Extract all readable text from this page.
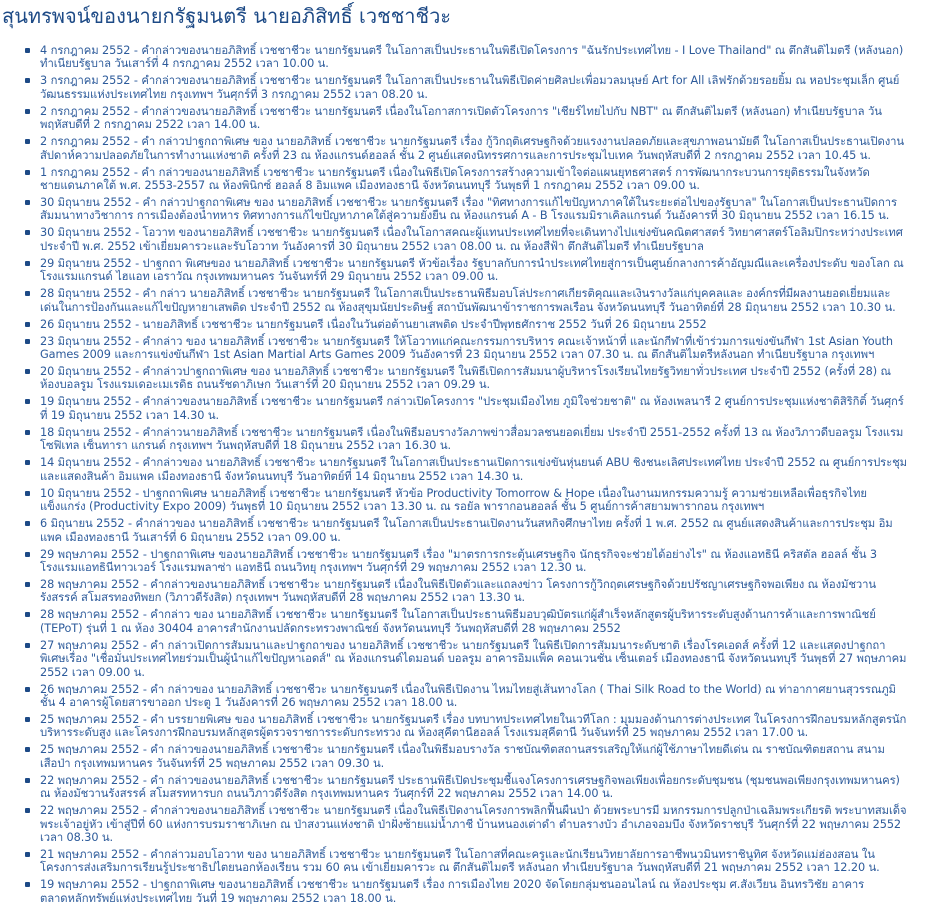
สุนทรพจน์ของนายกรัฐมนตรี นายอภิสิทธิ์ เวชชาชีวะ
4 กรกฎาคม 2552 - คำกล่าวของนายอภิสิทธิ์ เวชชาชีวะ นายกรัฐมนตรี ในโอกาสเป็นประธานในพิธีเปิดโครงการ "ฉันรักประเทศไทย - I Love Thailand" ณ ตึกสันติไมตรี (หลังนอก) ทำเนียบรัฐบาล วันเสาร์ที่ 4 กรกฎาคม 2552 เวลา 10.00 น.
3 กรกฎาคม 2552 - คำกล่าวของนายอภิสิทธิ์ เวชชาชีวะ นายกรัฐมนตรี ในโอกาสเป็นประธานในพิธีเปิดค่ายศิลปะเพื่อมวลมนุษย์ Art for All เลิฟรักด้วยรอยยิ้ม ณ หอประชุมเล็ก ศูนย์วัฒนธรรมแห่งประเทศไทย กรุงเทพฯ วันศุกร์ที่ 3 กรกฎาคม 2552 เวลา 08.20 น.
2 กรกฎาคม 2552 - คำกล่าวของนายอภิสิทธิ์ เวชชาชีวะ นายกรัฐมนตรี เนื่องในโอกาสการเปิดตัวโครงการ "เชียร์ไทยไปกับ NBT" ณ ตึกสันติไมตรี (หลังนอก) ทำเนียบรัฐบาล วันพฤหัสบดีที่ 2 กรกฎาคม 2522 เวลา 14.00 น.
2 กรกฎาคม 2552 - คำ กล่าวปาฐกถาพิเศษ ของ นายอภิสิทธิ์ เวชชาชีวะ นายกรัฐมนตรี เรื่อง กู้วิกฤติเศรษฐกิจด้วยแรงงานปลอดภัยและสุขภาพอนามัยดี ในโอกาสเป็นประธานเปิดงานสัปดาห์ความปลอดภัยในการทำงานแห่งชาติ ครั้งที่ 23 ณ ห้องแกรนด์ฮอลล์ ชั้น 2 ศูนย์แสดงนิทรรศการและการประชุมไบเทค วันพฤหัสบดีที่ 2 กรกฎาคม 2552 เวลา 10.45 น.
1 กรกฎาคม 2552 - คำ กล่าวของนายอภิสิทธิ์ เวชชาชีวะ นายกรัฐมนตรี เนื่องในพิธีเปิดโครงการสร้างความเข้าใจต่อแผนยุทธศาสตร์ การพัฒนากระบวนการยุติธรรมในจังหวัดชายแดนภาคใต้ พ.ศ. 2553-2557 ณ ห้องพินิกซ์ ฮอลล์ 8 อิมแพค เมืองทองธานี จังหวัดนนทบุรี วันพุธที่ 1 กรกฎาคม 2552 เวลา 09.00 น.
30 มิถุนายน 2552 - คำ กล่าวปาฐกถาพิเศษ ของ นายอภิสิทธิ์ เวชชาชีวะ นายกรัฐมนตรี เรื่อง "ทิศทางการแก้ไขปัญหาภาคใต้ในระยะต่อไปของรัฐบาล" ในโอกาสเป็นประธานปิดการสัมมนาทางวิชาการ การเมืองต้องนำทหาร ทิศทางการแก้ไขปัญหาภาคใต้สู่ความยั่งยืน ณ ห้องแกรนด์ A - B โรงแรมมิราเคิลแกรนด์ วันอังคารที่ 30 มิถุนายน 2552 เวลา 16.15 น.
30 มิถุนายน 2552 - โอวาท ของนายอภิสิทธิ์ เวชชาชีวะ นายกรัฐมนตรี เนื่องในโอกาสคณะผู้แทนประเทศไทยที่จะเดินทางไปแข่งขันคณิตศาสตร์ วิทยาศาสตร์โอลิมปิกระหว่างประเทศ ประจำปี พ.ศ. 2552 เข้าเยี่ยมคารวะและรับโอวาท วันอังคารที่ 30 มิถุนายน 2552 เวลา 08.00 น. ณ ห้องสีฟ้า ตึกสันติไมตรี ทำเนียบรัฐบาล
29 มิถุนายน 2552 - ปาฐกถา พิเศษของ นายอภิสิทธิ์ เวชชาชีวะ นายกรัฐมนตรี หัวข้อเรื่อง รัฐบาลกับการนำประเทศไทยสู่การเป็นศูนย์กลางการค้าอัญมณีและเครื่องประดับ ของโลก ณ โรงแรมแกรนด์ ไฮแอท เอราวัณ กรุงเทพมหานคร วันจันทร์ที่ 29 มิถุนายน 2552 เวลา 09.00 น.
28 มิถุนายน 2552 - คำ กล่าว นายอภิสิทธิ์ เวชชาชีวะ นายกรัฐมนตรี ในโอกาสเป็นประธานพิธีมอบโล่ประกาศเกียรติคุณและเงินรางวัลแก่บุคคลและ องค์กรที่มีผลงานยอดเยี่ยมและเด่นในการป้องกันและแก้ไขปัญหายาเสพติด ประจำปี 2552 ณ ห้องสุขุมนัยประดิษฐ์ สถาบันพัฒนาข้าราชการพลเรือน จังหวัดนนทบุรี วันอาทิตย์ที่ 28 มิถุนายน 2552 เวลา 10.30 น.
26 มิถุนายน 2552 - นายอภิสิทธิ์ เวชชาชีวะ นายกรัฐมนตรี เนื่องในวันต่อต้านยาเสพติด ประจำปีพุทธศักราช 2552 วันที่ 26 มิถุนายน 2552
23 มิถุนายน 2552 - คำกล่าว ของ นายอภิสิทธิ์ เวชชาชีวะ นายกรัฐมนตรี ให้โอวาทแก่คณะกรรมการบริหาร คณะเจ้าหน้าที่ และนักกีฬาที่เข้าร่วมการแข่งขันกีฬา 1st Asian Youth Games 2009 และการแข่งขันกีฬา 1st Asian Martial Arts Games 2009 วันอังคารที่ 23 มิถุนายน 2552 เวลา 07.30 น. ณ ตึกสันติไมตรีหลังนอก ทำเนียบรัฐบาล กรุงเทพฯ
20 มิถุนายน 2552 - คำกล่าวปาฐกถาพิเศษ ของ นายอภิสิทธิ์ เวชชาชีวะ นายกรัฐมนตรี ในพิธีเปิดการสัมมนาผู้บริหารโรงเรียนไทยรัฐวิทยาทั่วประเทศ ประจำปี 2552 (ครั้งที่ 28) ณ ห้องบอลรูม โรงแรมเดอะเมเรดิธ ถนนรัชดาภิเษก วันเสาร์ที่ 20 มิถุนายน 2552 เวลา 09.29 น.
19 มิถุนายน 2552 - คำกล่าวของนายอภิสิทธิ์ เวชชาชีวะ นายกรัฐมนตรี กล่าวเปิดโครงการ "ประชุมเมืองไทย ภูมิใจช่วยชาติ" ณ ห้องเพลนารี 2 ศูนย์การประชุมแห่งชาติสิริกิติ์ วันศุกร์ที่ 19 มิถุนายน 2552 เวลา 14.30 น.
18 มิถุนายน 2552 - คำกล่าวนายอภิสิทธิ์ เวชชาชีวะ นายกรัฐมนตรี เนื่องในพิธีมอบรางวัลภาพข่าวสื่อมวลชนยอดเยี่ยม ประจำปี 2551-2552 ครั้งที่ 13 ณ ห้องวิภาวดีบอลรูม โรงแรมโซฟิเทล เซ็นทารา แกรนด์ กรุงเทพฯ วันพฤหัสบดีที่ 18 มิถุนายน 2552 เวลา 16.30 น.
14 มิถุนายน 2552 - คำกล่าวของ นายอภิสิทธิ์ เวชชาชีวะ นายกรัฐมนตรี ในโอกาสเป็นประธานเปิดการแข่งขันหุ่นยนต์ ABU ชิงชนะเลิศประเทศไทย ประจำปี 2552 ณ ศูนย์การประชุมและแสดงสินค้า อิมแพค เมืองทองธานี จังหวัดนนทบุรี วันอาทิตย์ที่ 14 มิถุนายน 2552 เวลา 14.30 น.
10 มิถุนายน 2552 - ปาฐกถาพิเศษ นายอภิสิทธิ์ เวชชาชีวะ นายกรัฐมนตรี หัวข้อ Productivity Tomorrow & Hope เนื่องในงานมหกรรมความรู้ ความช่วยเหลือเพื่อธุรกิจไทยแข็งแกร่ง (Productivity Expo 2009) วันพุธที่ 10 มิถุนายน 2552 เวลา 13.30 น. ณ รอยัล พารากอนฮอลล์ ชั้น 5 ศูนย์การค้าสยามพารากอน กรุงเทพฯ
6 มิถุนายน 2552 - คำกล่าวของ นายอภิสิทธิ์ เวชชาชีวะ นายกรัฐมนตรี ในโอกาสเป็นประธานเปิดงานวันสหกิจศึกษาไทย ครั้งที่ 1 พ.ศ. 2552 ณ ศูนย์แสดงสินค้าและการประชุม อิมแพค เมืองทองธานี วันเสาร์ที่ 6 มิถุนายน 2552 เวลา 09.00 น.
29 พฤษภาคม 2552 - ปาฐกถาพิเศษ ของนายอภิสิทธิ์ เวชชาชีวะ นายกรัฐมนตรี เรื่อง "มาตรการกระตุ้นเศรษฐกิจ นักธุรกิจจะช่วยได้อย่างไร" ณ ห้องแอทธินี คริสตัล ฮอลล์ ชั้น 3 โรงแรมแอทธินีทาวเวอร์ โรงแรมพลาซ่า แอทธินี ถนนวิทยุ กรุงเทพฯ วันศุกร์ที่ 29 พฤษภาคม 2552 เวลา 12.30 น.
28 พฤษภาคม 2552 - คำกล่าวของนายอภิสิทธิ์ เวชชาชีวะ นายกรัฐมนตรี เนื่องในพิธีเปิดตัวและแถลงข่าว โครงการกู้วิกฤตเศรษฐกิจด้วยปรัชญาเศรษฐกิจพอเพียง ณ ห้องมัชวานรังสรรค์ สโมสรทองทิพยก (วิภาวดีรังสิต) กรุงเทพฯ วันพฤหัสบดีที่ 28 พฤษภาคม 2552 เวลา 13.30 น.
28 พฤษภาคม 2552 - คำกล่าว ของ นายอภิสิทธิ์ เวชชาชีวะ นายกรัฐมนตรี ในโอกาสเป็นประธานพิธีมอบวุฒิบัตรแก่ผู้สำเร็จหลักสูตรผู้บริหารระดับสูงด้านการค้าและการพาณิชย์ (TEPoT) รุ่นที่ 1 ณ ห้อง 30404 อาคารสำนักงานปลัดกระทรวงพาณิชย์ จังหวัดนนทบุรี วันพฤหัสบดีที่ 28 พฤษภาคม 2552
27 พฤษภาคม 2552 - คำ กล่าวเปิดการสัมมนาและปาฐกถาของ นายอภิสิทธิ์ เวชชาชีวะ นายกรัฐมนตรี ในพิธีเปิดการสัมมนาระดับชาติ เรื่องโรคเอดส์ ครั้งที่ 12 และแสดงปาฐกถาพิเศษเรื่อง "เชื่อมั่นประเทศไทยร่วมเป็นผู้นำแก้ไขปัญหาเอดส์" ณ ห้องแกรนด์ไดมอนด์ บอลรูม อาคารอิมแพ็ค คอนเวนชั่น เซ็นเตอร์ เมืองทองธานี จังหวัดนนทบุรี วันพุธที่ 27 พฤษภาคม 2552 เวลา 09.00 น.
26 พฤษภาคม 2552 - คำ กล่าวของ นายอภิสิทธิ์ เวชชาชีวะ นายกรัฐมนตรี เนื่องในพิธีเปิดงาน ไหมไทยสู่เส้นทางโลก ( Thai Silk Road to the World) ณ ท่าอากาศยานสุวรรณภูมิ ชั้น 4 อาคารผู้โดยสารขาออก ประตู 1 วันอังคารที่ 26 พฤษภาคม 2552 เวลา 18.00 น.
25 พฤษภาคม 2552 - คำ บรรยายพิเศษ ของ นายอภิสิทธิ์ เวชชาชีวะ นายกรัฐมนตรี เรื่อง บทบาทประเทศไทยในเวทีโลก : มุมมองด้านการต่างประเทศ ในโครงการฝึกอบรมหลักสูตรนักบริหารระดับสูง และโครงการฝึกอบรมหลักสูตรผู้ตรวจราชการระดับกระทรวง ณ ห้องสุคีตานีฮอลล์ โรงแรมสุคีตานี วันจันทร์ที่ 25 พฤษภาคม 2552 เวลา 17.00 น.
25 พฤษภาคม 2552 - คำ กล่าวของนายอภิสิทธิ์ เวชชาชีวะ นายกรัฐมนตรี เนื่องในพิธีมอบรางวัล ราชบัณฑิตสถานสรรเสริญให้แก่ผู้ใช้ภาษาไทยดีเด่น ณ ราชบัณฑิตยสถาน สนามเสือป่า กรุงเทพมหานคร วันจันทร์ที่ 25 พฤษภาคม 2552 เวลา 09.30 น.
22 พฤษภาคม 2552 - คำ กล่าวของนายอภิสิทธิ์ เวชชาชีวะ นายกรัฐมนตรี ประธานพิธีเปิดประชุมชี้แจงโครงการเศรษฐกิจพอเพียงเพื่อยกระดับชุมชน (ชุมชนพอเพียงกรุงเทพมหานคร) ณ ห้องมัชวานรังสรรค์ สโมสรทหารบก ถนนวิภาวดีรังสิต กรุงเทพมหานคร วันศุกร์ที่ 22 พฤษภาคม 2552 เวลา 14.00 น.
22 พฤษภาคม 2552 - คำกล่าวของนายอภิสิทธิ์ เวชชาชีวะ นายกรัฐมนตรี เนื่องในพิธีเปิดงานโครงการพลิกฟื้นผืนป่า ด้วยพระบารมี มหกรรมการปลูกป่าเฉลิมพระเกียรติ พระบาทสมเด็จพระเจ้าอยู่หัว เข้าสู่ปีที่ 60 แห่งการบรมราชาภิเษก ณ ป่าสงวนแห่งชาติ ป่าฝั่งซ้ายแม่น้ำภาชี บ้านหนองเต่าดำ ตำบลรางบัว อำเภอจอมบึง จังหวัดราชบุรี วันศุกร์ที่ 22 พฤษภาคม 2552 เวลา 08.30 น.
21 พฤษภาคม 2552 - คำกล่าวมอบโอวาท ของ นายอภิสิทธิ์ เวชชาชีวะ นายกรัฐมนตรี ในโอกาสที่คณะครูและนักเรียนวิทยาลัยการอาชีพนวมินทราชินูทิศ จังหวัดแม่ฮ่องสอน ในโครงการส่งเสริมการเรียนรู้ประชาธิปไตยนอกห้องเรียน รวม 60 คน เข้าเยี่ยมคารวะ ณ ตึกสันติไมตรี หลังนอก ทำเนียบรัฐบาล วันพฤหัสบดีที่ 21 พฤษภาคม 2552 เวลา 12.20 น.
19 พฤษภาคม 2552 - ปาฐกถาพิเศษ ของนายอภิสิทธิ์ เวชชาชีวะ นายกรัฐมนตรี เรื่อง การเมืองไทย 2020 จัดโดยกลุ่มชนออนไลน์ ณ ห้องประชุม ศ.สังเวียน อินทรวิชัย อาคารตลาดหลักทรัพย์แห่งประเทศไทย วันที่ 19 พฤษภาคม 2552 เวลา 18.00 น.
